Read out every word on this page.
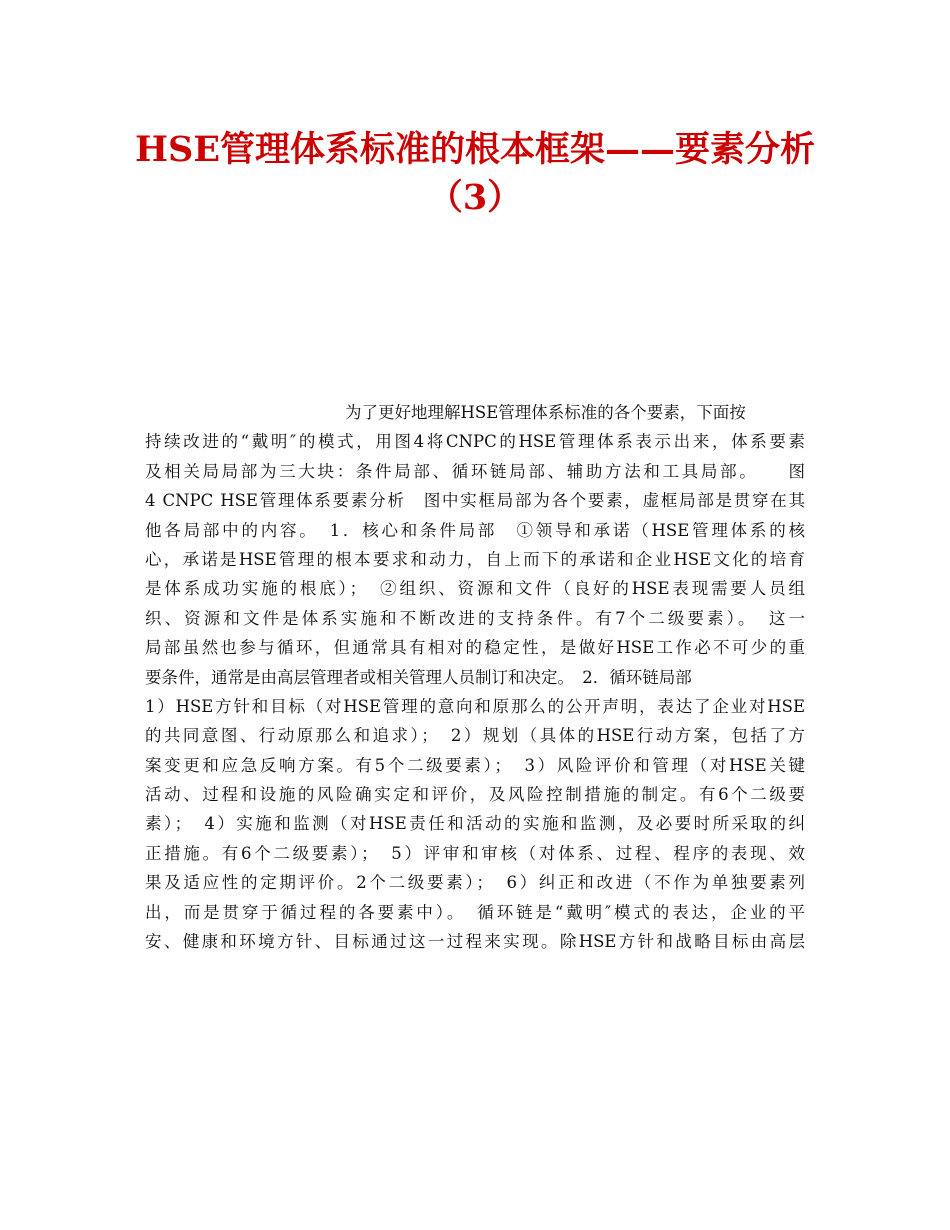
HSE管理体系标准的根本框架——要素分析
（3）
为了更好地理解HSE管理体系标准的各个要素，下面按
持续改进的“戴明″的模式，用图4将CNPC的HSE管理体系表示出来，体系要素
及相关局局部为三大块：条件局部、循环链局部、辅助方法和工具局部。　　图
4 CNPC HSE管理体系要素分析　图中实框局部为各个要素，虚框局部是贯穿在其
他各局部中的内容。　1．核心和条件局部　①领导和承诺（HSE管理体系的核
心，承诺是HSE管理的根本要求和动力，自上而下的承诺和企业HSE文化的培育
是体系成功实施的根底）；　②组织、资源和文件（良好的HSE表现需要人员组
织、资源和文件是体系实施和不断改进的支持条件。有7个二级要素）。　这一
局部虽然也参与循环，但通常具有相对的稳定性，是做好HSE工作必不可少的重
要条件，通常是由高层管理者或相关管理人员制订和决定。　2．循环链局部
1）HSE方针和目标（对HSE管理的意向和原那么的公开声明，表达了企业对HSE
的共同意图、行动原那么和追求）；　2）规划（具体的HSE行动方案，包括了方
案变更和应急反响方案。有5个二级要素）；　3）风险评价和管理（对HSE关键
活动、过程和设施的风险确实定和评价，及风险控制措施的制定。有6个二级要
素）；　4）实施和监测（对HSE责任和活动的实施和监测，及必要时所采取的纠
正措施。有6个二级要素）；　5）评审和审核（对体系、过程、程序的表现、效
果及适应性的定期评价。2个二级要素）；　6）纠正和改进（不作为单独要素列
出，而是贯穿于循过程的各要素中）。　循环链是“戴明″模式的表达，企业的平
安、健康和环境方针、目标通过这一过程来实现。除HSE方针和战略目标由高层
